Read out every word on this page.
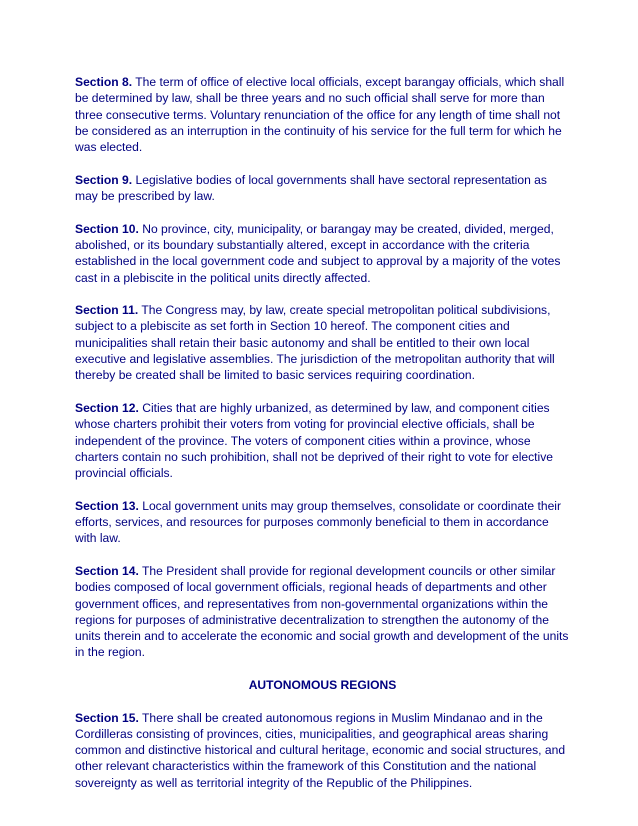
Section 8. The term of office of elective local officials, except barangay officials, which shall be determined by law, shall be three years and no such official shall serve for more than three consecutive terms. Voluntary renunciation of the office for any length of time shall not be considered as an interruption in the continuity of his service for the full term for which he was elected.

Section 9. Legislative bodies of local governments shall have sectoral representation as may be prescribed by law.

Section 10. No province, city, municipality, or barangay may be created, divided, merged, abolished, or its boundary substantially altered, except in accordance with the criteria established in the local government code and subject to approval by a majority of the votes cast in a plebiscite in the political units directly affected.

Section 11. The Congress may, by law, create special metropolitan political subdivisions, subject to a plebiscite as set forth in Section 10 hereof. The component cities and municipalities shall retain their basic autonomy and shall be entitled to their own local executive and legislative assemblies. The jurisdiction of the metropolitan authority that will thereby be created shall be limited to basic services requiring coordination.

Section 12. Cities that are highly urbanized, as determined by law, and component cities whose charters prohibit their voters from voting for provincial elective officials, shall be independent of the province. The voters of component cities within a province, whose charters contain no such prohibition, shall not be deprived of their right to vote for elective provincial officials.

Section 13. Local government units may group themselves, consolidate or coordinate their efforts, services, and resources for purposes commonly beneficial to them in accordance with law.

Section 14. The President shall provide for regional development councils or other similar bodies composed of local government officials, regional heads of departments and other government offices, and representatives from non-governmental organizations within the regions for purposes of administrative decentralization to strengthen the autonomy of the units therein and to accelerate the economic and social growth and development of the units in the region.

AUTONOMOUS REGIONS

Section 15. There shall be created autonomous regions in Muslim Mindanao and in the Cordilleras consisting of provinces, cities, municipalities, and geographical areas sharing common and distinctive historical and cultural heritage, economic and social structures, and other relevant characteristics within the framework of this Constitution and the national sovereignty as well as territorial integrity of the Republic of the Philippines.
